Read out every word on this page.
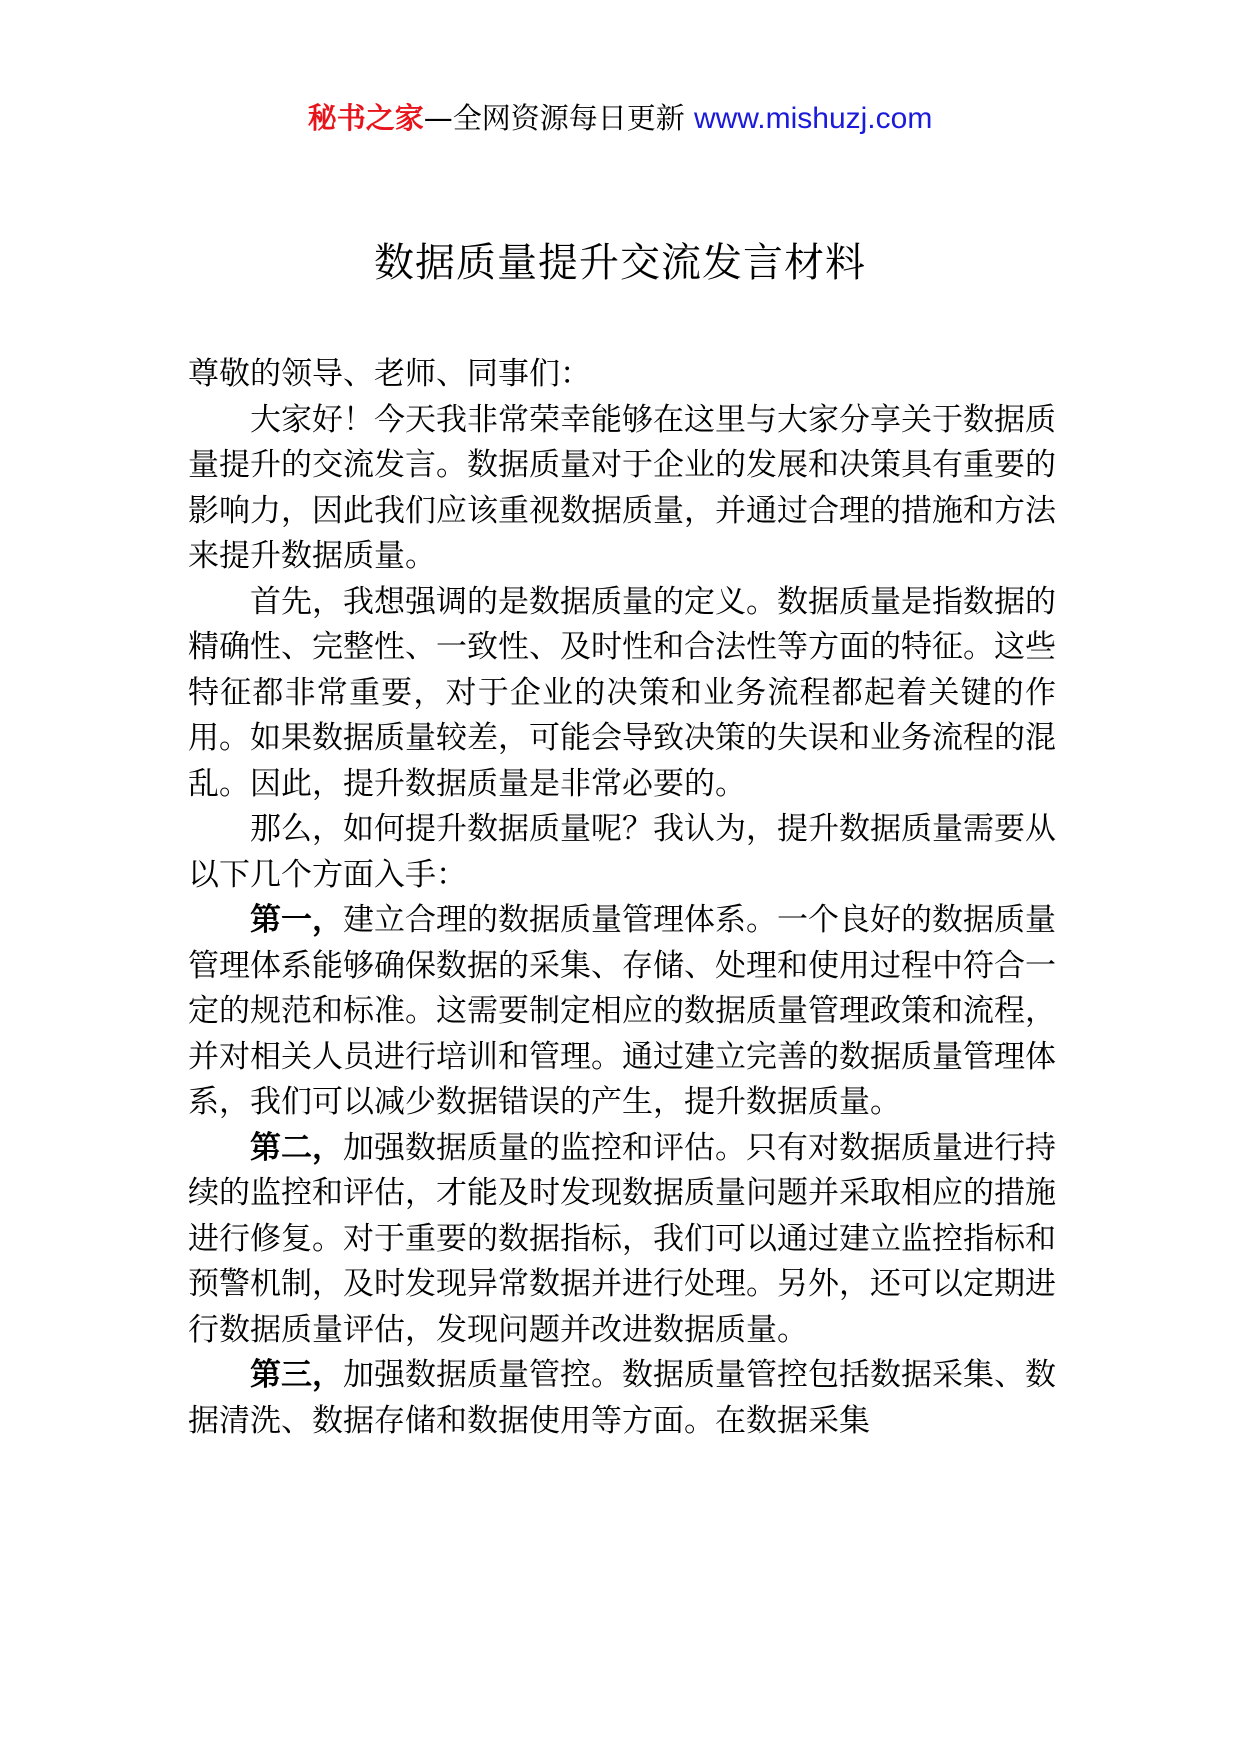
秘书之家—全网资源每日更新 www.mishuzj.com
数据质量提升交流发言材料

尊敬的领导、老师、同事们：

大家好！今天我非常荣幸能够在这里与大家分享关于数据质量提升的交流发言。数据质量对于企业的发展和决策具有重要的影响力，因此我们应该重视数据质量，并通过合理的措施和方法来提升数据质量。

首先，我想强调的是数据质量的定义。数据质量是指数据的精确性、完整性、一致性、及时性和合法性等方面的特征。这些特征都非常重要，对于企业的决策和业务流程都起着关键的作用。如果数据质量较差，可能会导致决策的失误和业务流程的混乱。因此，提升数据质量是非常必要的。

那么，如何提升数据质量呢？我认为，提升数据质量需要从以下几个方面入手：

第一，建立合理的数据质量管理体系。一个良好的数据质量管理体系能够确保数据的采集、存储、处理和使用过程中符合一定的规范和标准。这需要制定相应的数据质量管理政策和流程，并对相关人员进行培训和管理。通过建立完善的数据质量管理体系，我们可以减少数据错误的产生，提升数据质量。

第二，加强数据质量的监控和评估。只有对数据质量进行持续的监控和评估，才能及时发现数据质量问题并采取相应的措施进行修复。对于重要的数据指标，我们可以通过建立监控指标和预警机制，及时发现异常数据并进行处理。另外，还可以定期进行数据质量评估，发现问题并改进数据质量。

第三，加强数据质量管控。数据质量管控包括数据采集、数据清洗、数据存储和数据使用等方面。在数据采集
